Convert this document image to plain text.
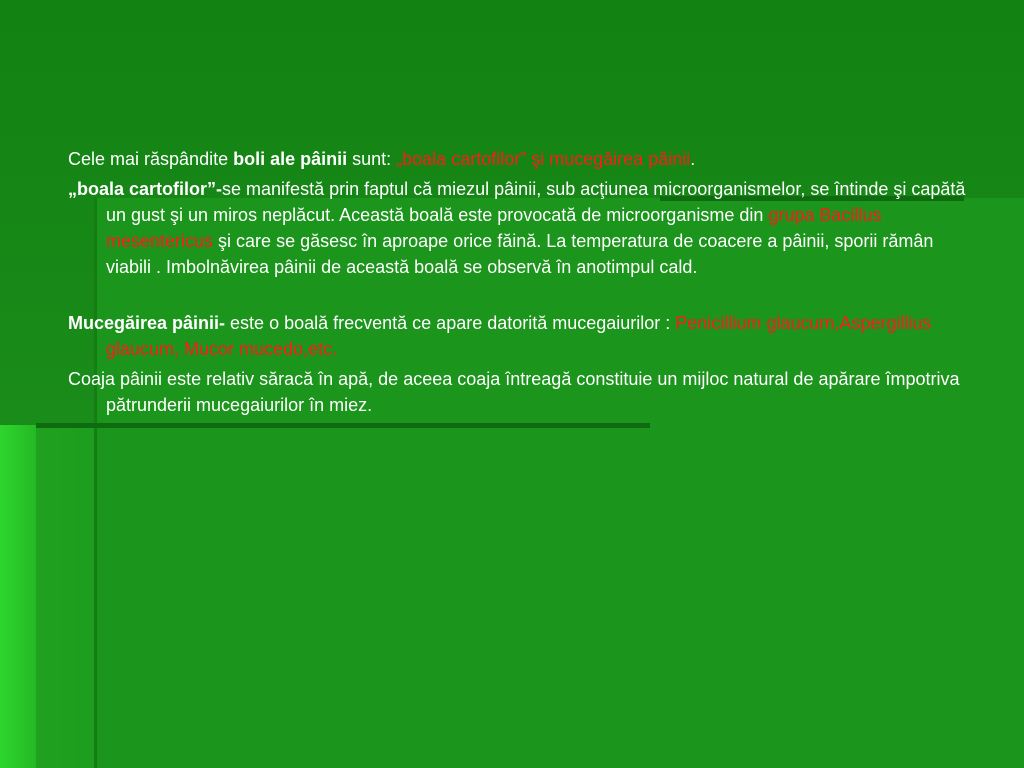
Cele mai răspândite boli ale pâinii sunt: „boala cartofilor” şi mucegăirea pâinii.

„boala cartofilor”-se manifestă prin faptul că miezul pâinii, sub acţiunea microorganismelor, se întinde şi capătă un gust şi un miros neplăcut. Această boală este provocată de microorganisme din grupa Bacillus mesentericus şi care se găsesc în aproape orice făină. La temperatura de coacere a pâinii, sporii rămân viabili . Imbolnăvirea pâinii de această boală se observă în anotimpul cald.

Mucegăirea pâinii- este o boală frecventă ce apare datorită mucegaiurilor : Penicillium glaucum,Aspergillius glaucum, Mucor mucedo,etc.

Coaja pâinii este relativ săracă în apă, de aceea coaja întreagă constituie un mijloc natural de apărare împotriva pătrunderii mucegaiurilor în miez.
